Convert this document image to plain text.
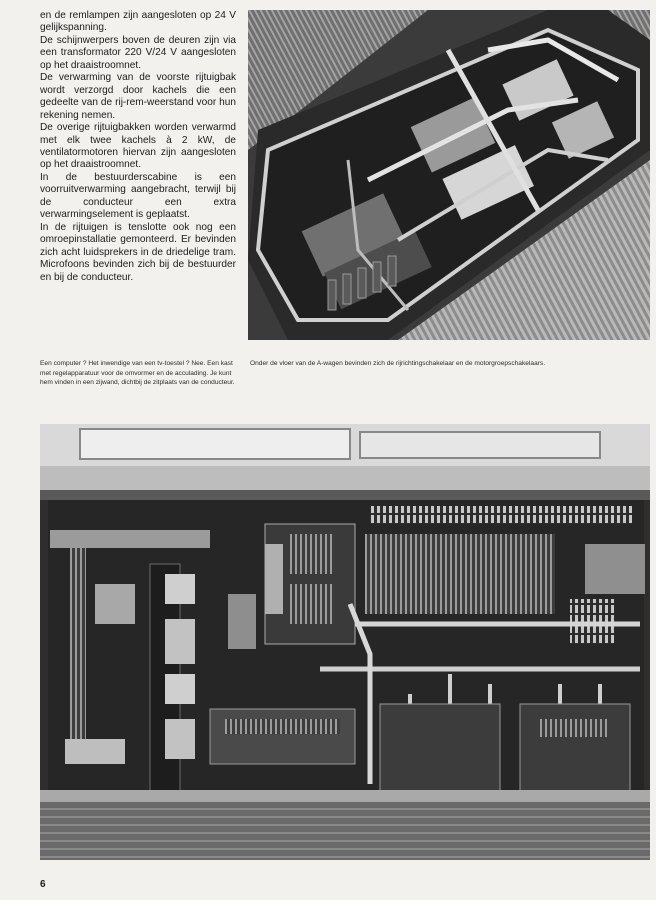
en de remlampen zijn aangesloten op 24 V gelijkspanning.

De schijnwerpers boven de deuren zijn via een transformator 220 V/24 V aangesloten op het draaistroomnet.

De verwarming van de voorste rijtuigbak wordt verzorgd door kachels die een gedeelte van de rij-rem-weerstand voor hun rekening nemen.

De overige rijtuigbakken worden verwarmd met elk twee kachels à 2 kW, de ventilatormotoren hiervan zijn aangesloten op het draaistroomnet.

In de bestuurderscabine is een voorruitverwarming aangebracht, terwijl bij de conducteur een extra verwarmingselement is geplaatst.

In de rijtuigen is tenslotte ook nog een omroepinstallatie gemonteerd. Er bevinden zich acht luidsprekers in de driedelige tram. Microfoons bevinden zich bij de bestuurder en bij de conducteur.

Een computer ? Het inwendige van een tv-toestel ? Nee. Een kast met regelapparatuur voor de omvormer en de acculading. Je kunt hem vinden in een zijwand, dichtbij de zitplaats van de conducteur.
Onder de vloer van de A-wagen bevinden zich de rijrichtingschakelaar en de motorgroepschakelaars.
6
